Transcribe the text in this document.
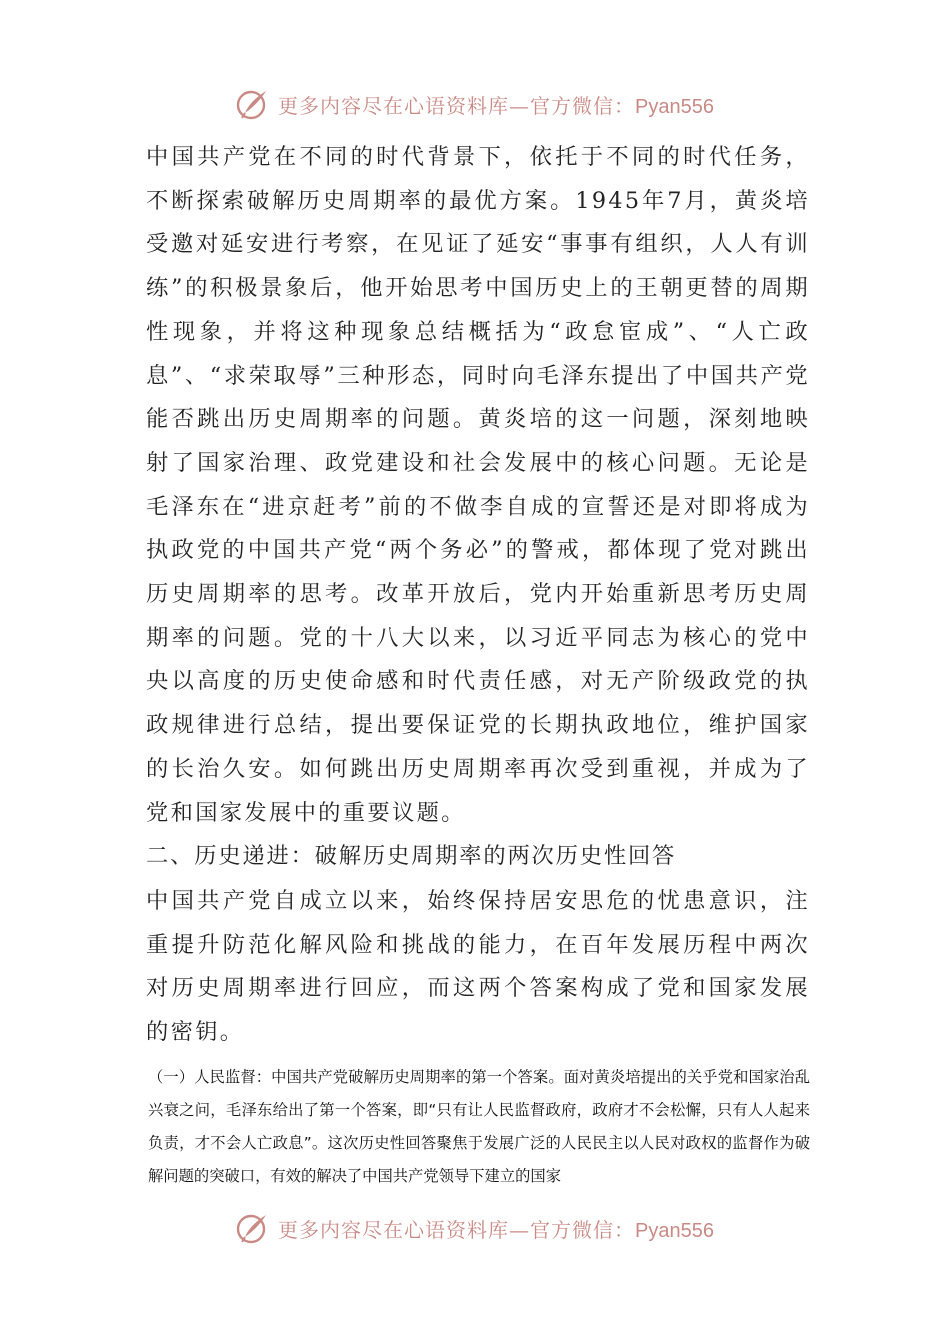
更多内容尽在心语资料库—官方微信：Pyan556

中国共产党在不同的时代背景下，依托于不同的时代任务，不断探索破解历史周期率的最优方案。1945年7月，黄炎培受邀对延安进行考察，在见证了延安“事事有组织，人人有训练”的积极景象后，他开始思考中国历史上的王朝更替的周期性现象，并将这种现象总结概括为“政怠宦成”、“人亡政息”、“求荣取辱”三种形态，同时向毛泽东提出了中国共产党能否跳出历史周期率的问题。黄炎培的这一问题，深刻地映射了国家治理、政党建设和社会发展中的核心问题。无论是毛泽东在“进京赶考”前的不做李自成的宣誓还是对即将成为执政党的中国共产党“两个务必”的警戒，都体现了党对跳出历史周期率的思考。改革开放后，党内开始重新思考历史周期率的问题。党的十八大以来，以习近平同志为核心的党中央以高度的历史使命感和时代责任感，对无产阶级政党的执政规律进行总结，提出要保证党的长期执政地位，维护国家的长治久安。如何跳出历史周期率再次受到重视，并成为了党和国家发展中的重要议题。

二、历史递进：破解历史周期率的两次历史性回答

中国共产党自成立以来，始终保持居安思危的忧患意识，注重提升防范化解风险和挑战的能力，在百年发展历程中两次对历史周期率进行回应，而这两个答案构成了党和国家发展的密钥。

（一）人民监督：中国共产党破解历史周期率的第一个答案。面对黄炎培提出的关乎党和国家治乱兴衰之问，毛泽东给出了第一个答案，即“只有让人民监督政府，政府才不会松懈，只有人人起来负责，才不会人亡政息”。这次历史性回答聚焦于发展广泛的人民民主以人民对政权的监督作为破解问题的突破口，有效的解决了中国共产党领导下建立的国家

更多内容尽在心语资料库—官方微信：Pyan556
